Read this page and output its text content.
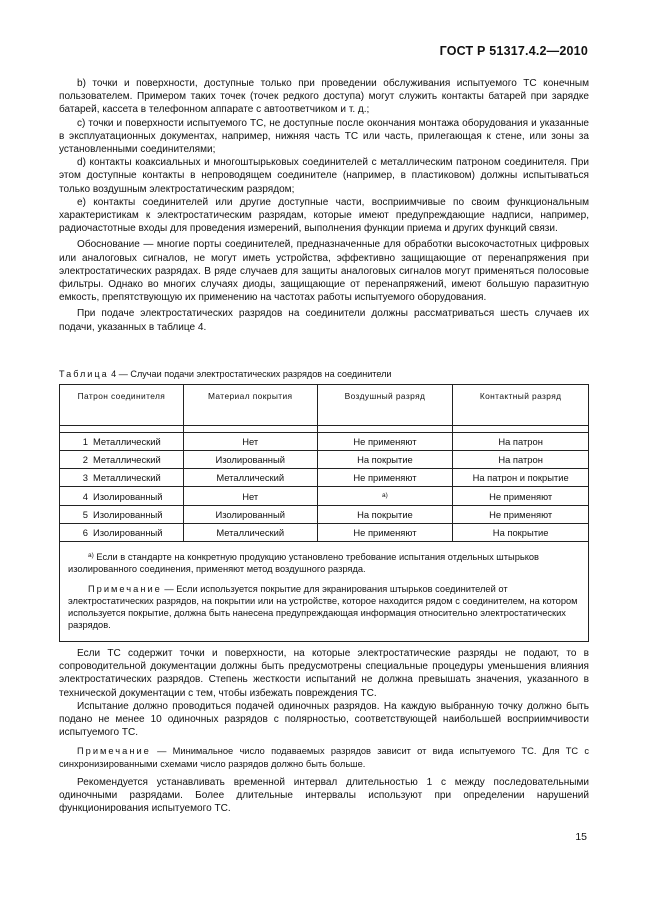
ГОСТ Р 51317.4.2—2010

b) точки и поверхности, доступные только при проведении обслуживания испытуемого ТС конечным пользователем. Примером таких точек (точек редкого доступа) могут служить контакты батарей при зарядке батарей, кассета в телефонном аппарате с автоответчиком и т. д.;

c) точки и поверхности испытуемого ТС, не доступные после окончания монтажа оборудования и указанные в эксплуатационных документах, например, нижняя часть ТС или часть, прилегающая к стене, или зоны за установленными соединителями;

d) контакты коаксиальных и многоштырьковых соединителей с металлическим патроном соединителя. При этом доступные контакты в непроводящем соединителе (например, в пластиковом) должны испытываться только воздушным электростатическим разрядом;

e) контакты соединителей или другие доступные части, восприимчивые по своим функциональным характеристикам к электростатическим разрядам, которые имеют предупреждающие надписи, например, радиочастотные входы для проведения измерений, выполнения функции приема и других функций связи.

Обоснование — многие порты соединителей, предназначенные для обработки высокочастотных цифровых или аналоговых сигналов, не могут иметь устройства, эффективно защищающие от перенапряжения при электростатических разрядах. В ряде случаев для защиты аналоговых сигналов могут применяться полосовые фильтры. Однако во многих случаях диоды, защищающие от перенапряжений, имеют большую паразитную емкость, препятствующую их применению на частотах работы испытуемого оборудования.

При подаче электростатических разрядов на соединители должны рассматриваться шесть случаев их подачи, указанных в таблице 4.

Таблица 4 — Случаи подачи электростатических разрядов на соединители
Патрон соединителя	Материал покрытия	Воздушный разряд	Контактный разряд

1 Металлический	Нет	Не применяют	На патрон
2 Металлический	Изолированный	На покрытие	На патрон
3 Металлический	Металлический	Не применяют	На патрон и покрытие
4 Изолированный	Нет	$^{a)}$	Не применяют
5 Изолированный	Изолированный	На покрытие	Не применяют
6 Изолированный	Металлический	Не применяют	На покрытие

$^{a)}$ Если в стандарте на конкретную продукцию установлено требование испытания отдельных штырьков изолированного соединения, применяют метод воздушного разряда.

Примечание — Если используется покрытие для экранирования штырьков соединителей от электростатических разрядов, на покрытии или на устройстве, которое находится рядом с соединителем, на котором используется покрытие, должна быть нанесена предупреждающая информация относительно электростатических разрядов.			

Если ТС содержит точки и поверхности, на которые электростатические разряды не подают, то в сопроводительной документации должны быть предусмотрены специальные процедуры уменьшения влияния электростатических разрядов. Степень жесткости испытаний не должна превышать значения, указанного в технической документации с тем, чтобы избежать повреждения ТС.

Испытание должно проводиться подачей одиночных разрядов. На каждую выбранную точку должно быть подано не менее 10 одиночных разрядов с полярностью, соответствующей наибольшей восприимчивости испытуемого ТС.

Примечание — Минимальное число подаваемых разрядов зависит от вида испытуемого ТС. Для ТС с синхронизированными схемами число разрядов должно быть больше.

Рекомендуется устанавливать временной интервал длительностью 1 с между последовательными одиночными разрядами. Более длительные интервалы используют при определении нарушений функционирования испытуемого ТС.

15
